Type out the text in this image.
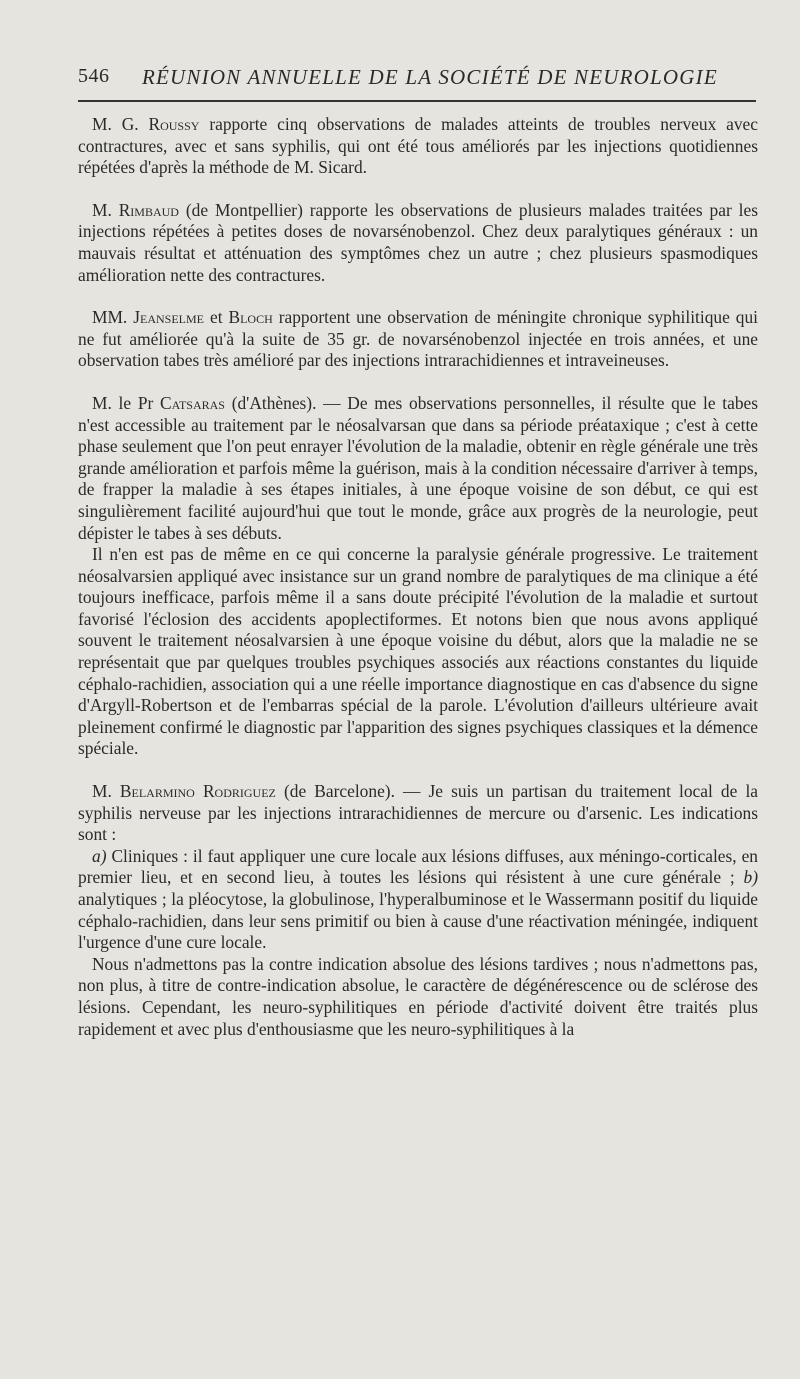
546 RÉUNION ANNUELLE DE LA SOCIÉTÉ DE NEUROLOGIE

M. G. Roussy rapporte cinq observations de malades atteints de troubles nerveux avec contractures, avec et sans syphilis, qui ont été tous améliorés par les injections quotidiennes répétées d'après la méthode de M. Sicard.

M. Rimbaud (de Montpellier) rapporte les observations de plusieurs malades traitées par les injections répétées à petites doses de novarsénobenzol. Chez deux paralytiques généraux : un mauvais résultat et atténuation des symptômes chez un autre ; chez plusieurs spasmodiques amélioration nette des contractures.

MM. Jeanselme et Bloch rapportent une observation de méningite chronique syphilitique qui ne fut améliorée qu'à la suite de 35 gr. de novarsénobenzol injectée en trois années, et une observation tabes très amélioré par des injections intrarachidiennes et intraveineuses.

M. le Pr Catsaras (d'Athènes). — De mes observations personnelles, il résulte que le tabes n'est accessible au traitement par le néosalvarsan que dans sa période préataxique ; c'est à cette phase seulement que l'on peut enrayer l'évolution de la maladie, obtenir en règle générale une très grande amélioration et parfois même la guérison, mais à la condition nécessaire d'arriver à temps, de frapper la maladie à ses étapes initiales, à une époque voisine de son début, ce qui est singulièrement facilité aujourd'hui que tout le monde, grâce aux progrès de la neurologie, peut dépister le tabes à ses débuts.

Il n'en est pas de même en ce qui concerne la paralysie générale progressive. Le traitement néosalvarsien appliqué avec insistance sur un grand nombre de paralytiques de ma clinique a été toujours inefficace, parfois même il a sans doute précipité l'évolution de la maladie et surtout favorisé l'éclosion des accidents apoplectiformes. Et notons bien que nous avons appliqué souvent le traitement néosalvarsien à une époque voisine du début, alors que la maladie ne se représentait que par quelques troubles psychiques associés aux réactions constantes du liquide céphalo-rachidien, association qui a une réelle importance diagnostique en cas d'absence du signe d'Argyll-Robertson et de l'embarras spécial de la parole. L'évolution d'ailleurs ultérieure avait pleinement confirmé le diagnostic par l'apparition des signes psychiques classiques et la démence spéciale.

M. Belarmino Rodriguez (de Barcelone). — Je suis un partisan du traitement local de la syphilis nerveuse par les injections intrarachidiennes de mercure ou d'arsenic. Les indications sont :

a) Cliniques : il faut appliquer une cure locale aux lésions diffuses, aux méningo-corticales, en premier lieu, et en second lieu, à toutes les lésions qui résistent à une cure générale ; b) analytiques ; la pléocytose, la globulinose, l'hyperalbuminose et le Wassermann positif du liquide céphalo-rachidien, dans leur sens primitif ou bien à cause d'une réactivation méningée, indiquent l'urgence d'une cure locale.

Nous n'admettons pas la contre indication absolue des lésions tardives ; nous n'admettons pas, non plus, à titre de contre-indication absolue, le caractère de dégénérescence ou de sclérose des lésions. Cependant, les neuro-syphilitiques en période d'activité doivent être traités plus rapidement et avec plus d'enthousiasme que les neuro-syphilitiques à la
